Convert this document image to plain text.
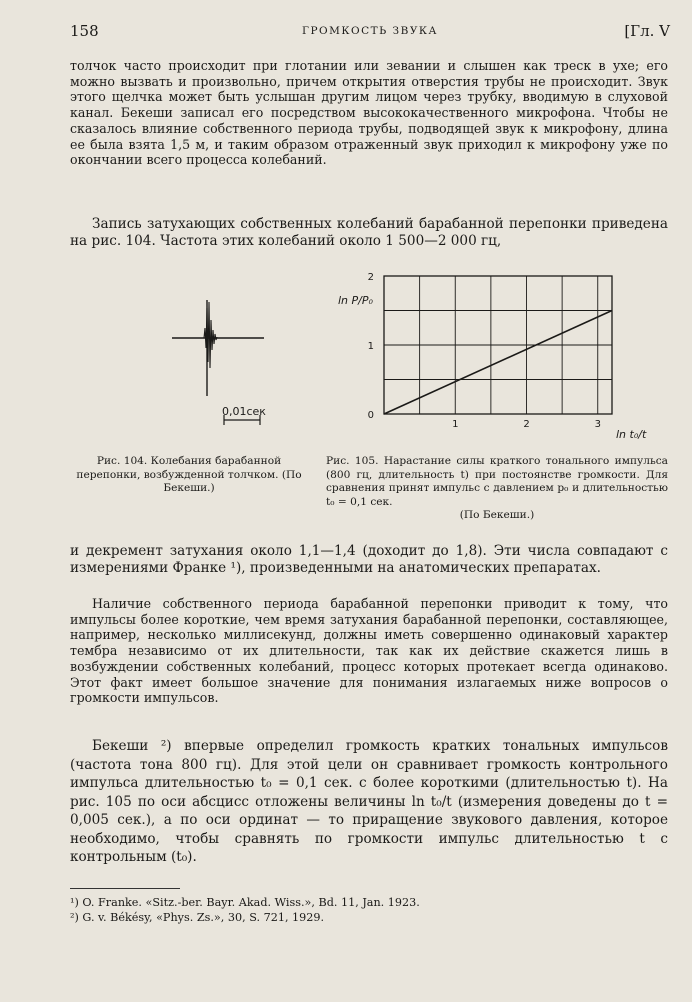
158	ГРОМКОСТЬ ЗВУКА	[Гл. V

толчок часто происходит при глотании или зевании и слышен как треск в ухе; его можно вызвать и произвольно, причем открытия отверстия трубы не происходит. Звук этого щелчка может быть услышан другим лицом через трубку, вводимую в слуховой канал. Бекеши записал его посредством высококачественного микрофона. Чтобы не сказалось влияние собственного периода трубы, подводящей звук к микрофону, длина ее была взята 1,5 м, и таким образом отраженный звук приходил к микрофону уже по окончании всего процесса колебаний.

Запись затухающих собственных колебаний барабанной перепонки приведена на рис. 104. Частота этих колебаний около 1 500—2 000 гц,

0,01сек	0
1
2
1	2	3
ln P/P₀
ln t₀/t
Рис. 104. Колебания барабанной перепонки, возбужденной толчком. (По Бекеши.)
Рис. 105. Нарастание силы краткого тонального импульса (800 гц, длительность t) при постоянстве громкости. Для сравнения принят импульс с давлением p₀ и длительностью t₀ = 0,1 сек.
(По Бекеши.)

и декремент затухания около 1,1—1,4 (доходит до 1,8). Эти числа совпадают с измерениями Франке ¹), произведенными на анатомических препаратах.

Наличие собственного периода барабанной перепонки приводит к тому, что импульсы более короткие, чем время затухания барабанной перепонки, составляющее, например, несколько миллисекунд, должны иметь совершенно одинаковый характер тембра независимо от их длительности, так как их действие скажется лишь в возбуждении собственных колебаний, процесс которых протекает всегда одинаково. Этот факт имеет большое значение для понимания излагаемых ниже вопросов о громкости импульсов.

Бекеши ²) впервые определил громкость кратких тональных импульсов (частота тона 800 гц). Для этой цели он сравнивает громкость контрольного импульса длительностью t₀ = 0,1 сек. с более короткими (длительностью t). На рис. 105 по оси абсцисс отложены величины ln t₀/t (измерения доведены до t = 0,005 сек.), а по оси ординат — то приращение звукового давления, которое необходимо, чтобы сравнять по громкости импульс длительностью t с контрольным (t₀).

¹) O. Franke. «Sitz.-ber. Bayr. Akad. Wiss.», Bd. 11, Jan. 1923.
²) G. v. Békésy, «Phys. Zs.», 30, S. 721, 1929.
